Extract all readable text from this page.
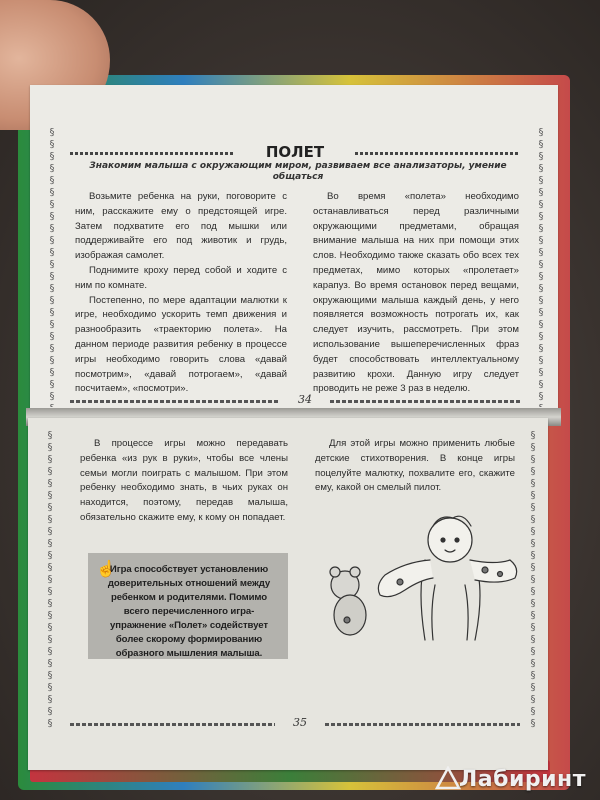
§ § § § § § § § § § § § § § § § § § § § § § § § § § §
§ § § § § § § § § § § § § § § § § § § § § § § § § § §
ПОЛЕТ
Знакомим малыша с окружающим миром, развиваем все анализаторы, умение общаться

Возьмите ребенка на руки, поговорите с ним, расскажите ему о предстоящей игре. Затем подхватите его под мышки или поддерживайте его под животик и грудь, изображая самолет.

Поднимите кроху перед собой и ходите с ним по комнате.

Постепенно, по мере адаптации малютки к игре, необходимо ускорить темп движения и разнообразить «траекторию полета». На данном периоде развития ребенку в процессе игры необходимо говорить слова «давай посмотрим», «давай потрогаем», «давай посчитаем», «посмотри».

Во время «полета» необходимо останавливаться перед различными окружающими предметами, обращая внимание малыша на них при помощи этих слов. Необходимо также сказать обо всех тех предметах, мимо которых «пролетает» карапуз. Во время остановок перед вещами, окружающими малыша каждый день, у него появляется возможность потрогать их, как следует изучить, рассмотреть. При этом использование вышеперечисленных фраз будет способствовать интеллектуальному развитию крохи. Данную игру следует проводить не реже 3 раз в неделю.

34
§ § § § § § § § § § § § § § § § § § § § § § § § § § §
§ § § § § § § § § § § § § § § § § § § § § § § § § § §

В процессе игры можно передавать ребенка «из рук в руки», чтобы все члены семьи могли поиграть с малышом. При этом ребенку необходимо знать, в чьих руках он находится, поэтому, передав малыша, обязательно скажите ему, к кому он попадает.

Для этой игры можно применить любые детские стихотворения. В конце игры поцелуйте малютку, похвалите его, скажите ему, какой он смелый пилот.

☝
Игра способствует установлению доверительных отношений между ребенком и родителями. Помимо всего перечисленного игра-упражнение «Полет» содействует более скорому формированию образного мышления малыша.
35
Лабиринт
